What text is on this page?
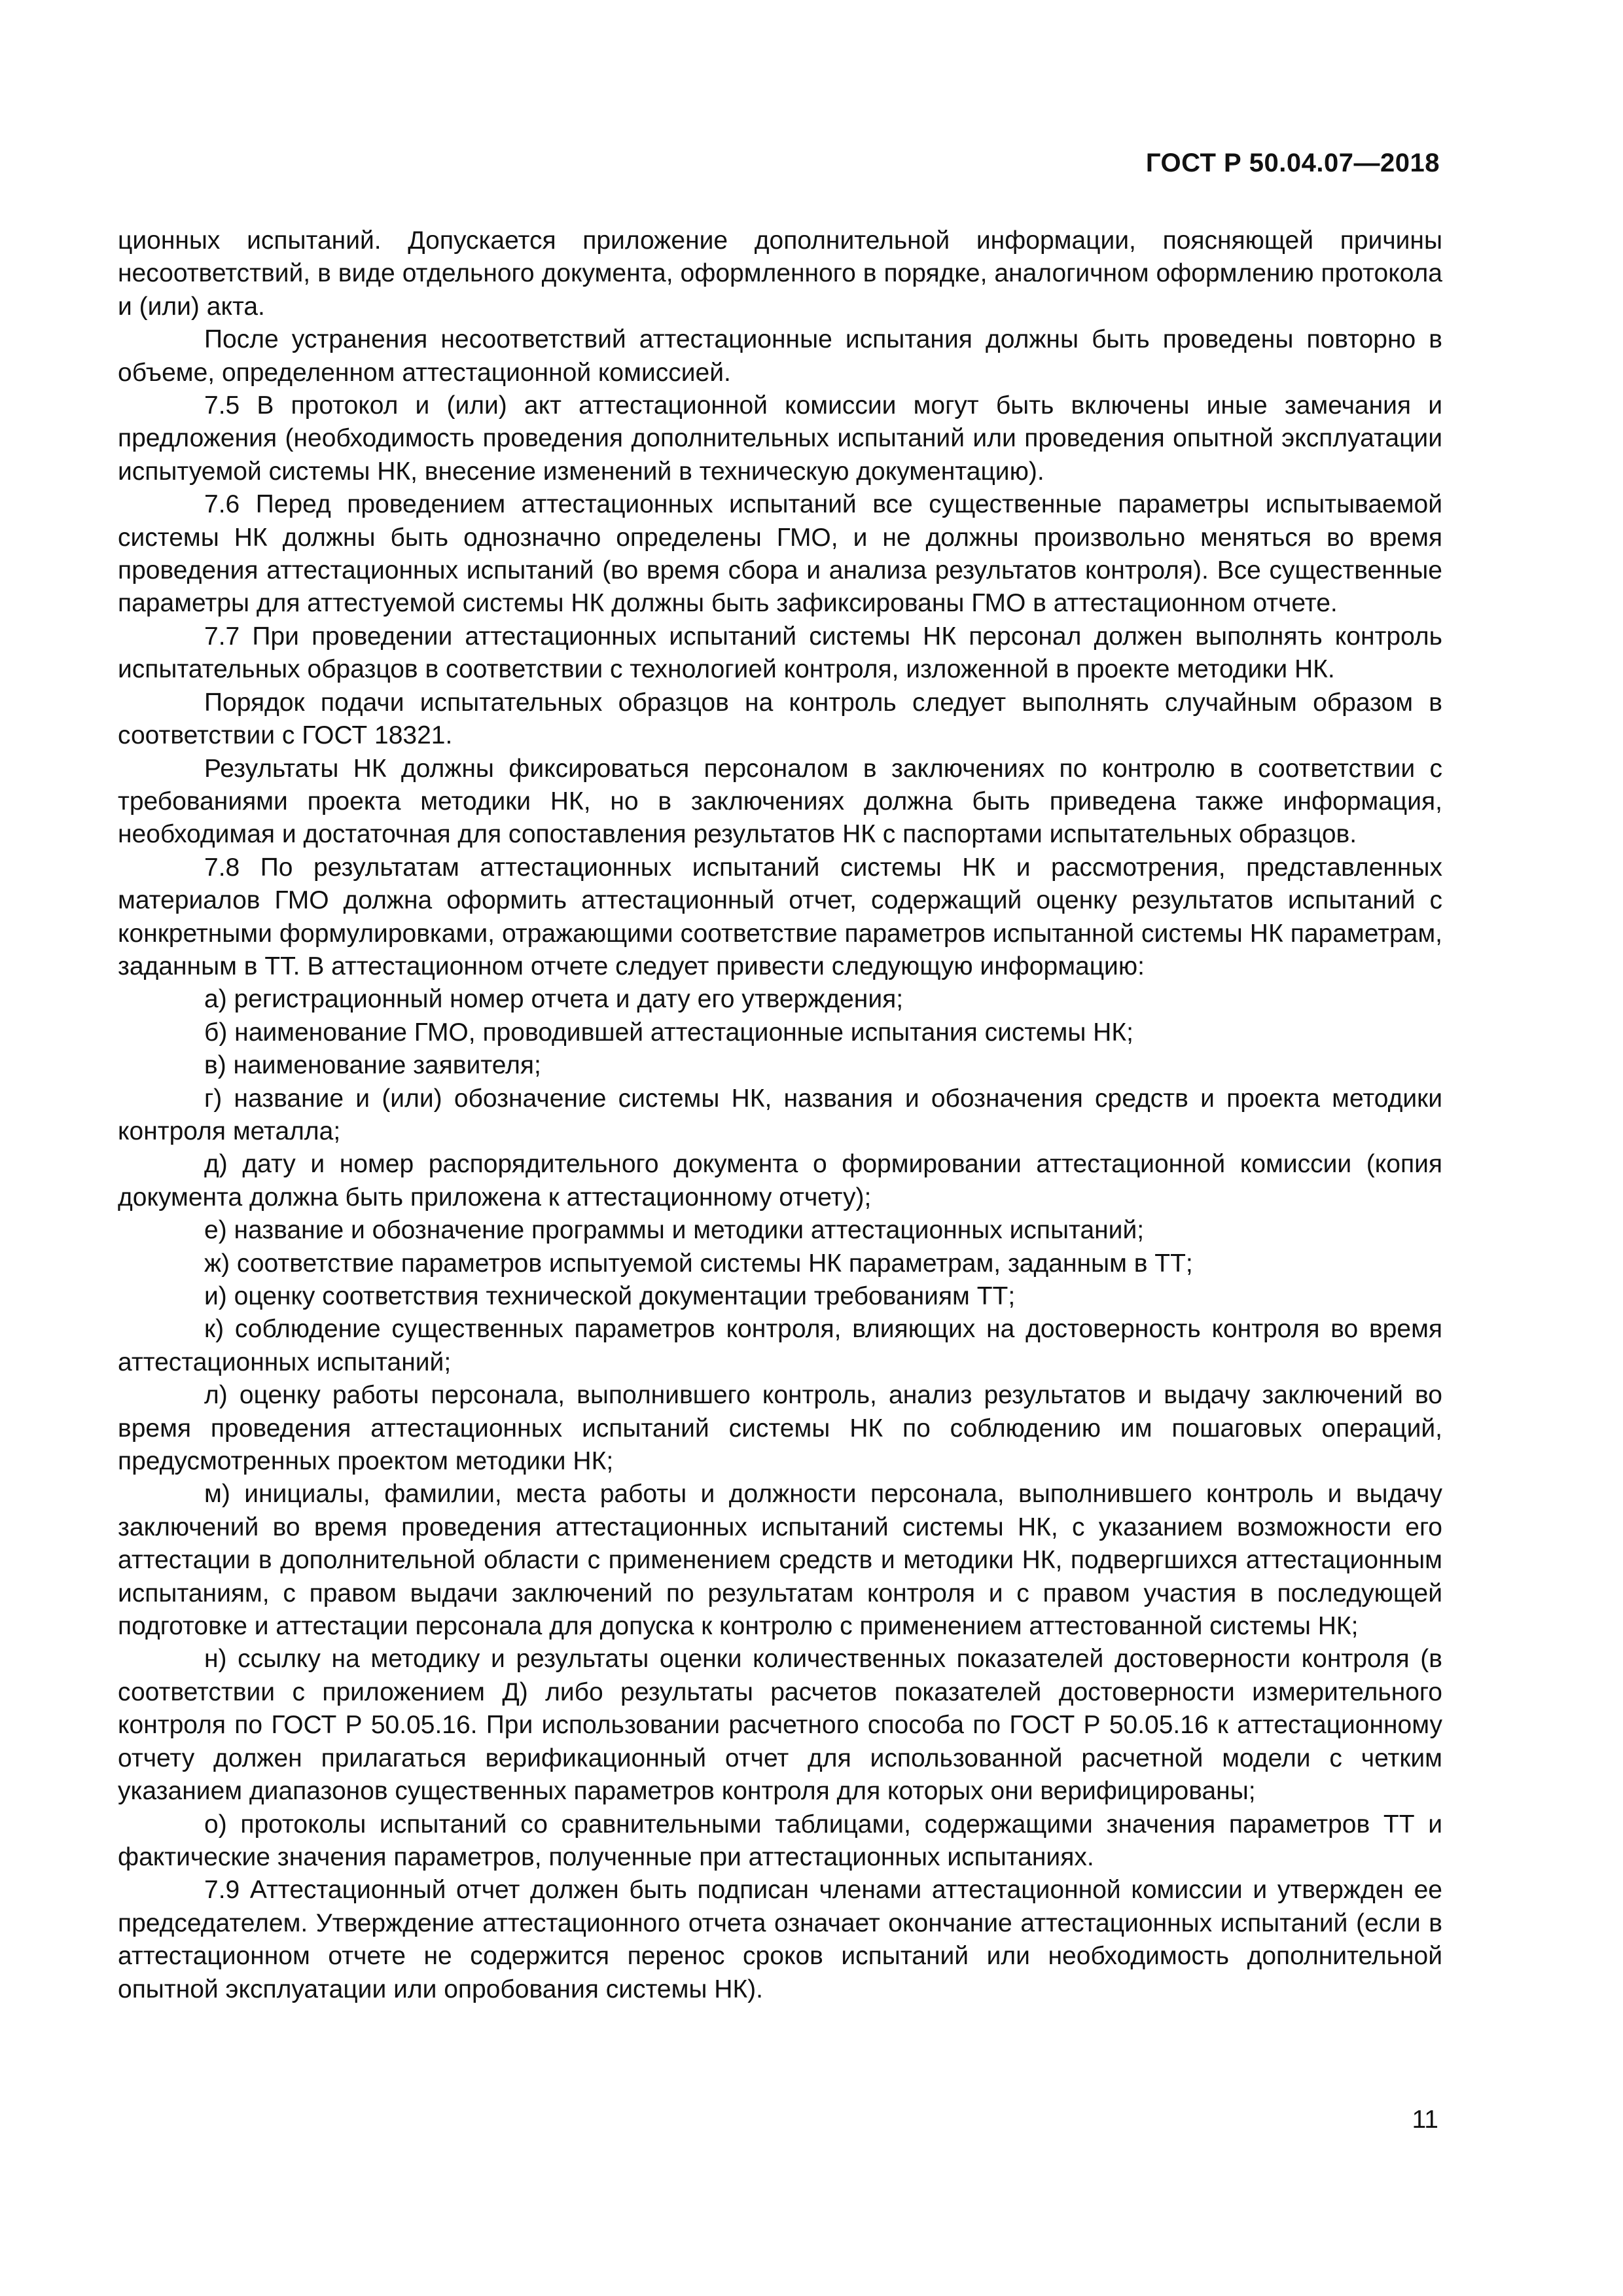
ГОСТ Р 50.04.07—2018

ционных испытаний. Допускается приложение дополнительной информации, поясняющей причины несоответствий, в виде отдельного документа, оформленного в порядке, аналогичном оформлению протокола и (или) акта.

После устранения несоответствий аттестационные испытания должны быть проведены повторно в объеме, определенном аттестационной комиссией.

7.5 В протокол и (или) акт аттестационной комиссии могут быть включены иные замечания и предложения (необходимость проведения дополнительных испытаний или проведения опытной эксплуатации испытуемой системы НК, внесение изменений в техническую документацию).

7.6 Перед проведением аттестационных испытаний все существенные параметры испытываемой системы НК должны быть однозначно определены ГМО, и не должны произвольно меняться во время проведения аттестационных испытаний (во время сбора и анализа результатов контроля). Все существенные параметры для аттестуемой системы НК должны быть зафиксированы ГМО в аттестационном отчете.

7.7 При проведении аттестационных испытаний системы НК персонал должен выполнять контроль испытательных образцов в соответствии с технологией контроля, изложенной в проекте методики НК.

Порядок подачи испытательных образцов на контроль следует выполнять случайным образом в соответствии с ГОСТ 18321.

Результаты НК должны фиксироваться персоналом в заключениях по контролю в соответствии с требованиями проекта методики НК, но в заключениях должна быть приведена также информация, необходимая и достаточная для сопоставления результатов НК с паспортами испытательных образцов.

7.8 По результатам аттестационных испытаний системы НК и рассмотрения, представленных материалов ГМО должна оформить аттестационный отчет, содержащий оценку результатов испытаний с конкретными формулировками, отражающими соответствие параметров испытанной системы НК параметрам, заданным в ТТ. В аттестационном отчете следует привести следующую информацию:

а) регистрационный номер отчета и дату его утверждения;

б) наименование ГМО, проводившей аттестационные испытания системы НК;

в) наименование заявителя;

г) название и (или) обозначение системы НК, названия и обозначения средств и проекта методики контроля металла;

д) дату и номер распорядительного документа о формировании аттестационной комиссии (копия документа должна быть приложена к аттестационному отчету);

е) название и обозначение программы и методики аттестационных испытаний;

ж) соответствие параметров испытуемой системы НК параметрам, заданным в ТТ;

и) оценку соответствия технической документации требованиям ТТ;

к) соблюдение существенных параметров контроля, влияющих на достоверность контроля во время аттестационных испытаний;

л) оценку работы персонала, выполнившего контроль, анализ результатов и выдачу заключений во время проведения аттестационных испытаний системы НК по соблюдению им пошаговых операций, предусмотренных проектом методики НК;

м) инициалы, фамилии, места работы и должности персонала, выполнившего контроль и выдачу заключений во время проведения аттестационных испытаний системы НК, с указанием возможности его аттестации в дополнительной области с применением средств и методики НК, подвергшихся аттестационным испытаниям, с правом выдачи заключений по результатам контроля и с правом участия в последующей подготовке и аттестации персонала для допуска к контролю с применением аттестованной системы НК;

н) ссылку на методику и результаты оценки количественных показателей достоверности контроля (в соответствии с приложением Д) либо результаты расчетов показателей достоверности измерительного контроля по ГОСТ Р 50.05.16. При использовании расчетного способа по ГОСТ Р 50.05.16 к аттестационному отчету должен прилагаться верификационный отчет для использованной расчетной модели с четким указанием диапазонов существенных параметров контроля для которых они верифицированы;

о) протоколы испытаний со сравнительными таблицами, содержащими значения параметров ТТ и фактические значения параметров, полученные при аттестационных испытаниях.

7.9 Аттестационный отчет должен быть подписан членами аттестационной комиссии и утвержден ее председателем. Утверждение аттестационного отчета означает окончание аттестационных испытаний (если в аттестационном отчете не содержится перенос сроков испытаний или необходимость дополнительной опытной эксплуатации или опробования системы НК).

11
